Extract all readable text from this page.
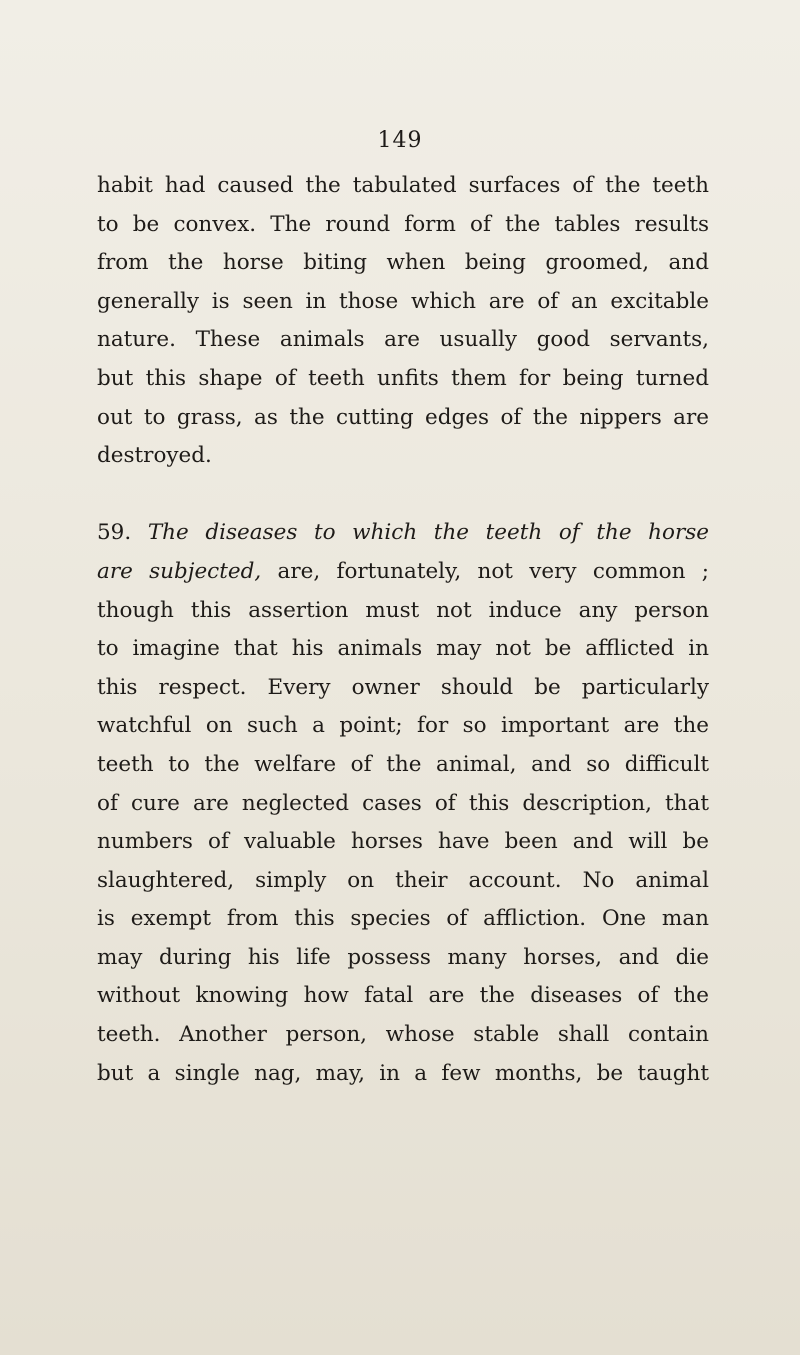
149
habit had caused the tabulated surfaces of the teeth
to be convex. The round form of the tables results
from the horse biting when being groomed, and
generally is seen in those which are of an excitable
nature. These animals are usually good servants,
but this shape of teeth unfits them for being turned
out to grass, as the cutting edges of the nippers are
destroyed.
59. The diseases to which the teeth of the horse
are subjected, are, fortunately, not very common ;
though this assertion must not induce any person
to imagine that his animals may not be afflicted in
this respect. Every owner should be particularly
watchful on such a point; for so important are the
teeth to the welfare of the animal, and so difficult
of cure are neglected cases of this description, that
numbers of valuable horses have been and will be
slaughtered, simply on their account. No animal
is exempt from this species of affliction. One man
may during his life possess many horses, and die
without knowing how fatal are the diseases of the
teeth. Another person, whose stable shall contain
but a single nag, may, in a few months, be taught
